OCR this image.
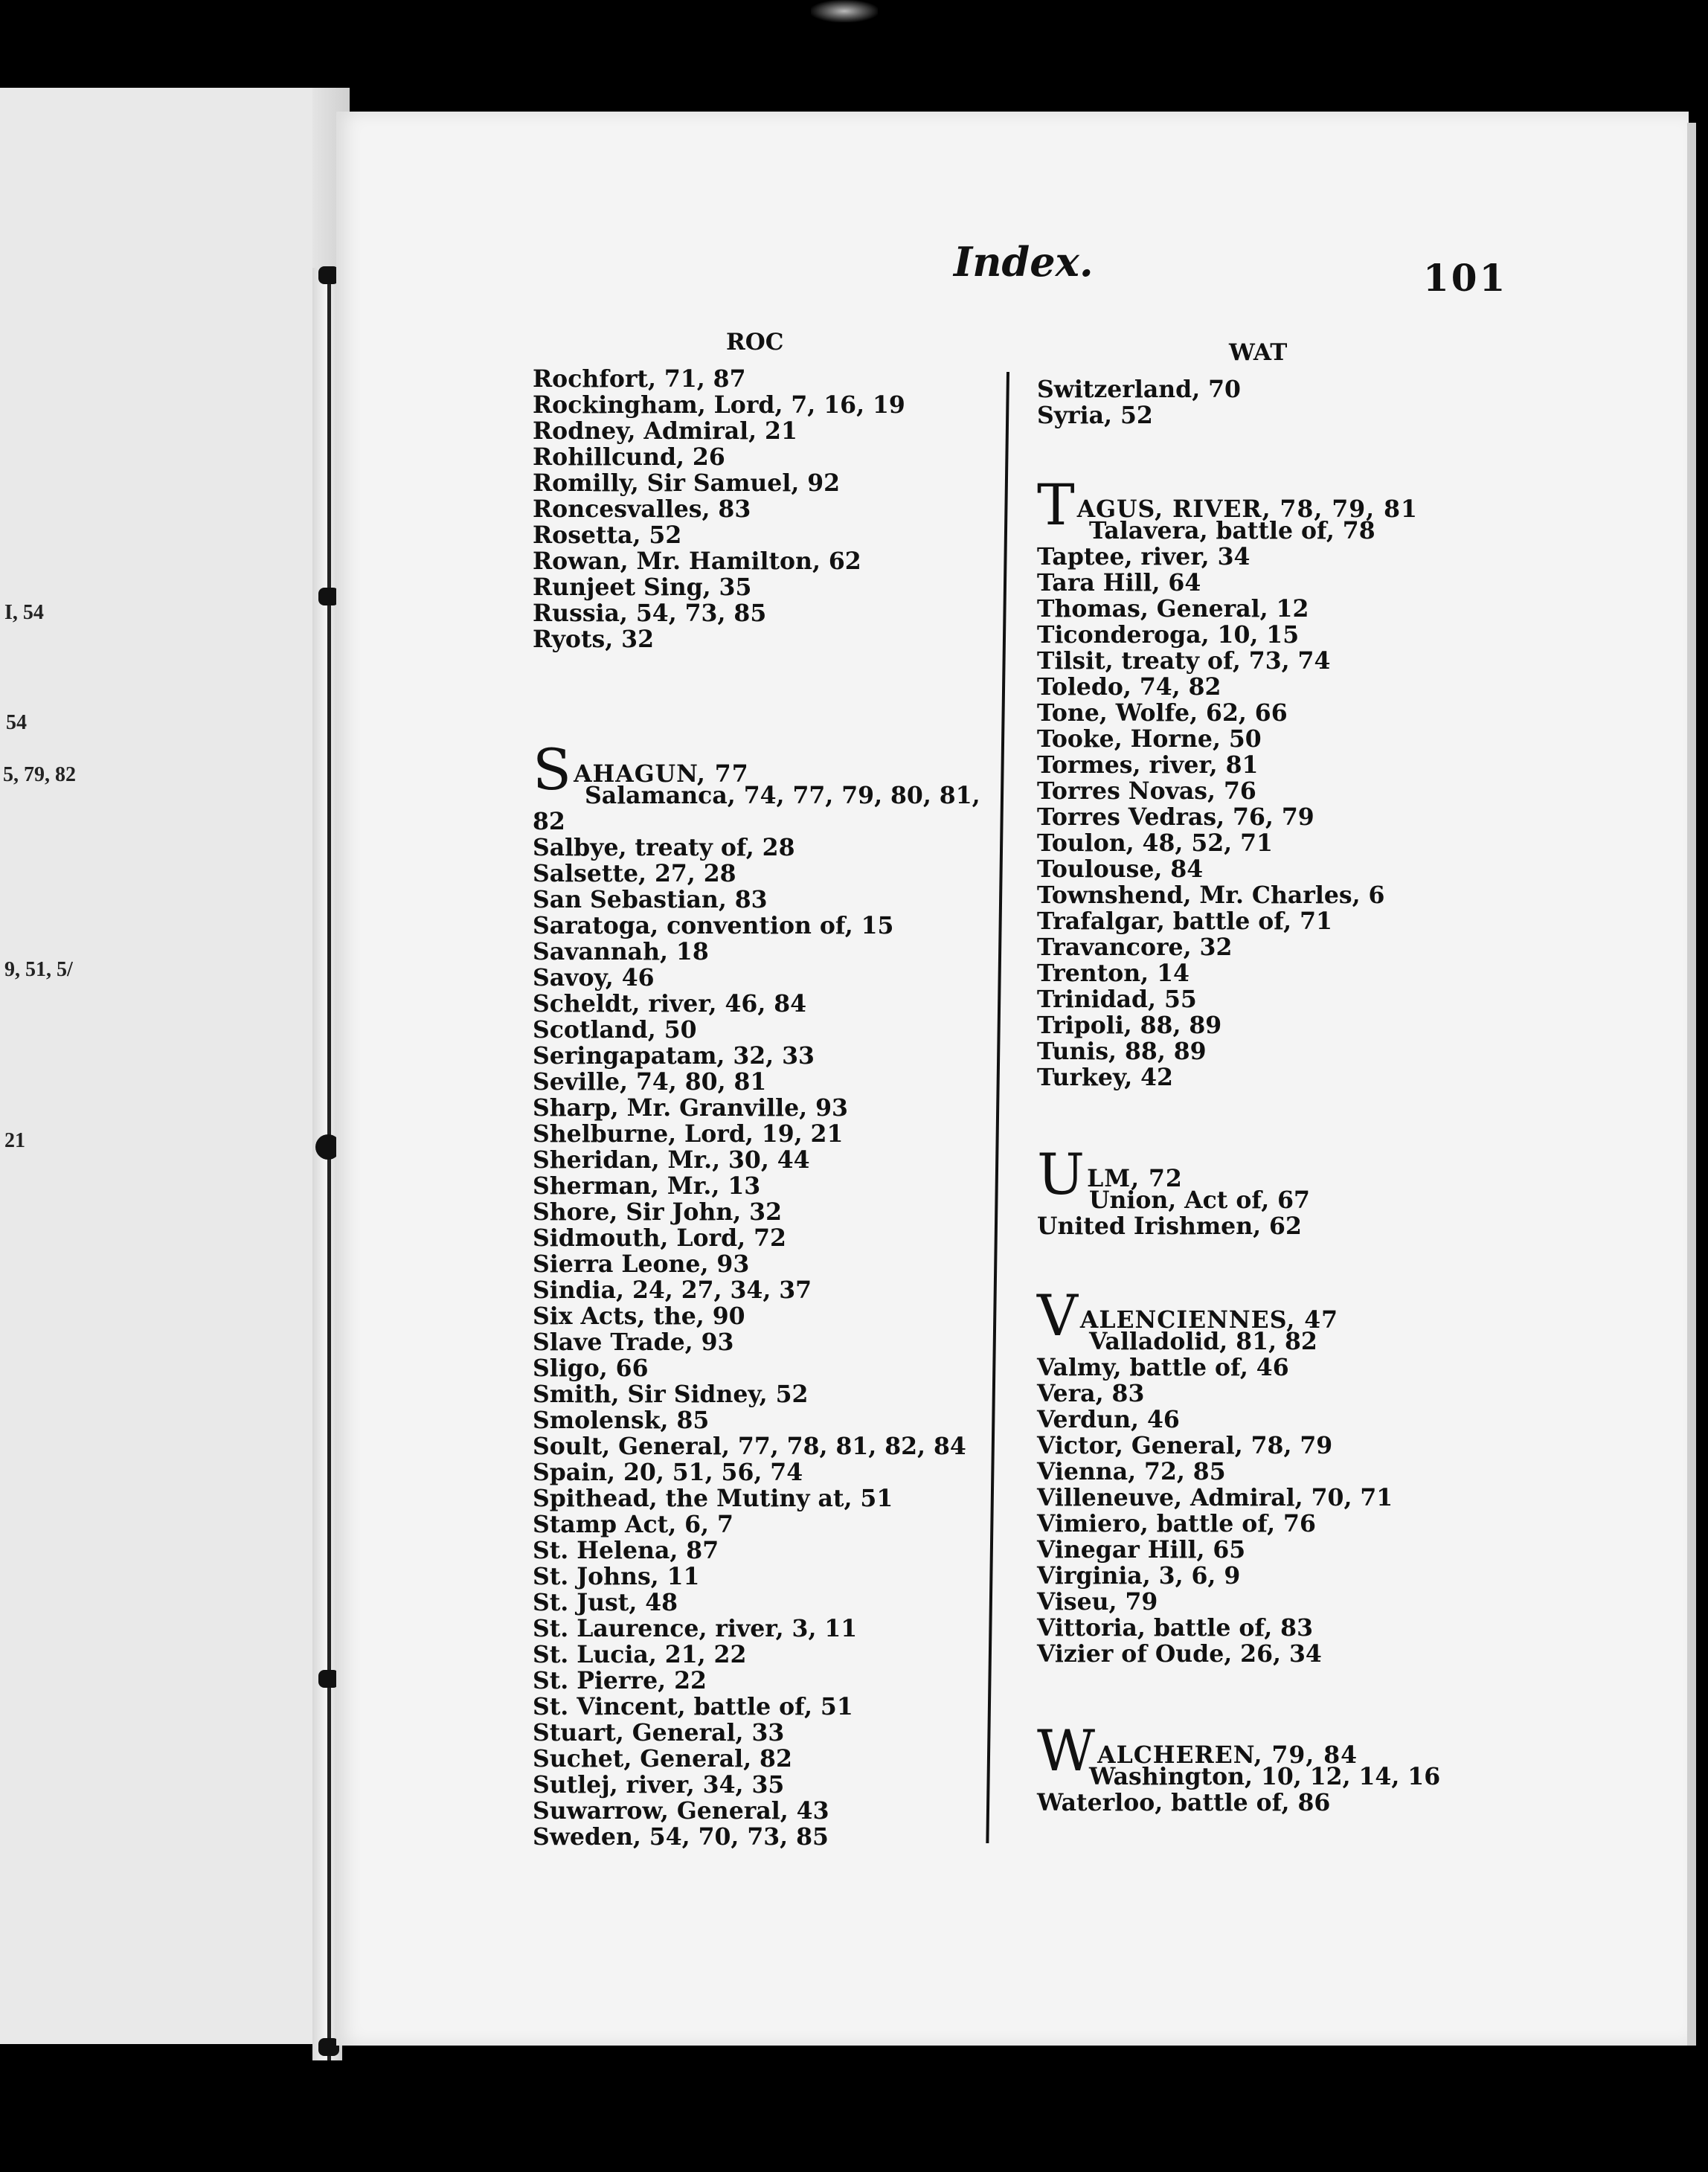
I, 54
54
5, 79, 82
9, 51, 5/
21
Index.	101
ROC	WAT
Rochfort, 71, 87
Rockingham, Lord, 7, 16, 19
Rodney, Admiral, 21
Rohillcund, 26
Romilly, Sir Samuel, 92
Roncesvalles, 83
Rosetta, 52
Rowan, Mr. Hamilton, 62
Runjeet Sing, 35
Russia, 54, 73, 85
Ryots, 32
SAHAGUN, 77
Salamanca, 74, 77, 79, 80, 81,
82
Salbye, treaty of, 28
Salsette, 27, 28
San Sebastian, 83
Saratoga, convention of, 15
Savannah, 18
Savoy, 46
Scheldt, river, 46, 84
Scotland, 50
Seringapatam, 32, 33
Seville, 74, 80, 81
Sharp, Mr. Granville, 93
Shelburne, Lord, 19, 21
Sheridan, Mr., 30, 44
Sherman, Mr., 13
Shore, Sir John, 32
Sidmouth, Lord, 72
Sierra Leone, 93
Sindia, 24, 27, 34, 37
Six Acts, the, 90
Slave Trade, 93
Sligo, 66
Smith, Sir Sidney, 52
Smolensk, 85
Soult, General, 77, 78, 81, 82, 84
Spain, 20, 51, 56, 74
Spithead, the Mutiny at, 51
Stamp Act, 6, 7
St. Helena, 87
St. Johns, 11
St. Just, 48
St. Laurence, river, 3, 11
St. Lucia, 21, 22
St. Pierre, 22
St. Vincent, battle of, 51
Stuart, General, 33
Suchet, General, 82
Sutlej, river, 34, 35
Suwarrow, General, 43
Sweden, 54, 70, 73, 85
Switzerland, 70
Syria, 52
TAGUS, RIVER, 78, 79, 81
Talavera, battle of, 78
Taptee, river, 34
Tara Hill, 64
Thomas, General, 12
Ticonderoga, 10, 15
Tilsit, treaty of, 73, 74
Toledo, 74, 82
Tone, Wolfe, 62, 66
Tooke, Horne, 50
Tormes, river, 81
Torres Novas, 76
Torres Vedras, 76, 79
Toulon, 48, 52, 71
Toulouse, 84
Townshend, Mr. Charles, 6
Trafalgar, battle of, 71
Travancore, 32
Trenton, 14
Trinidad, 55
Tripoli, 88, 89
Tunis, 88, 89
Turkey, 42
ULM, 72
Union, Act of, 67
United Irishmen, 62
VALENCIENNES, 47
Valladolid, 81, 82
Valmy, battle of, 46
Vera, 83
Verdun, 46
Victor, General, 78, 79
Vienna, 72, 85
Villeneuve, Admiral, 70, 71
Vimiero, battle of, 76
Vinegar Hill, 65
Virginia, 3, 6, 9
Viseu, 79
Vittoria, battle of, 83
Vizier of Oude, 26, 34
WALCHEREN, 79, 84
Washington, 10, 12, 14, 16
Waterloo, battle of, 86
